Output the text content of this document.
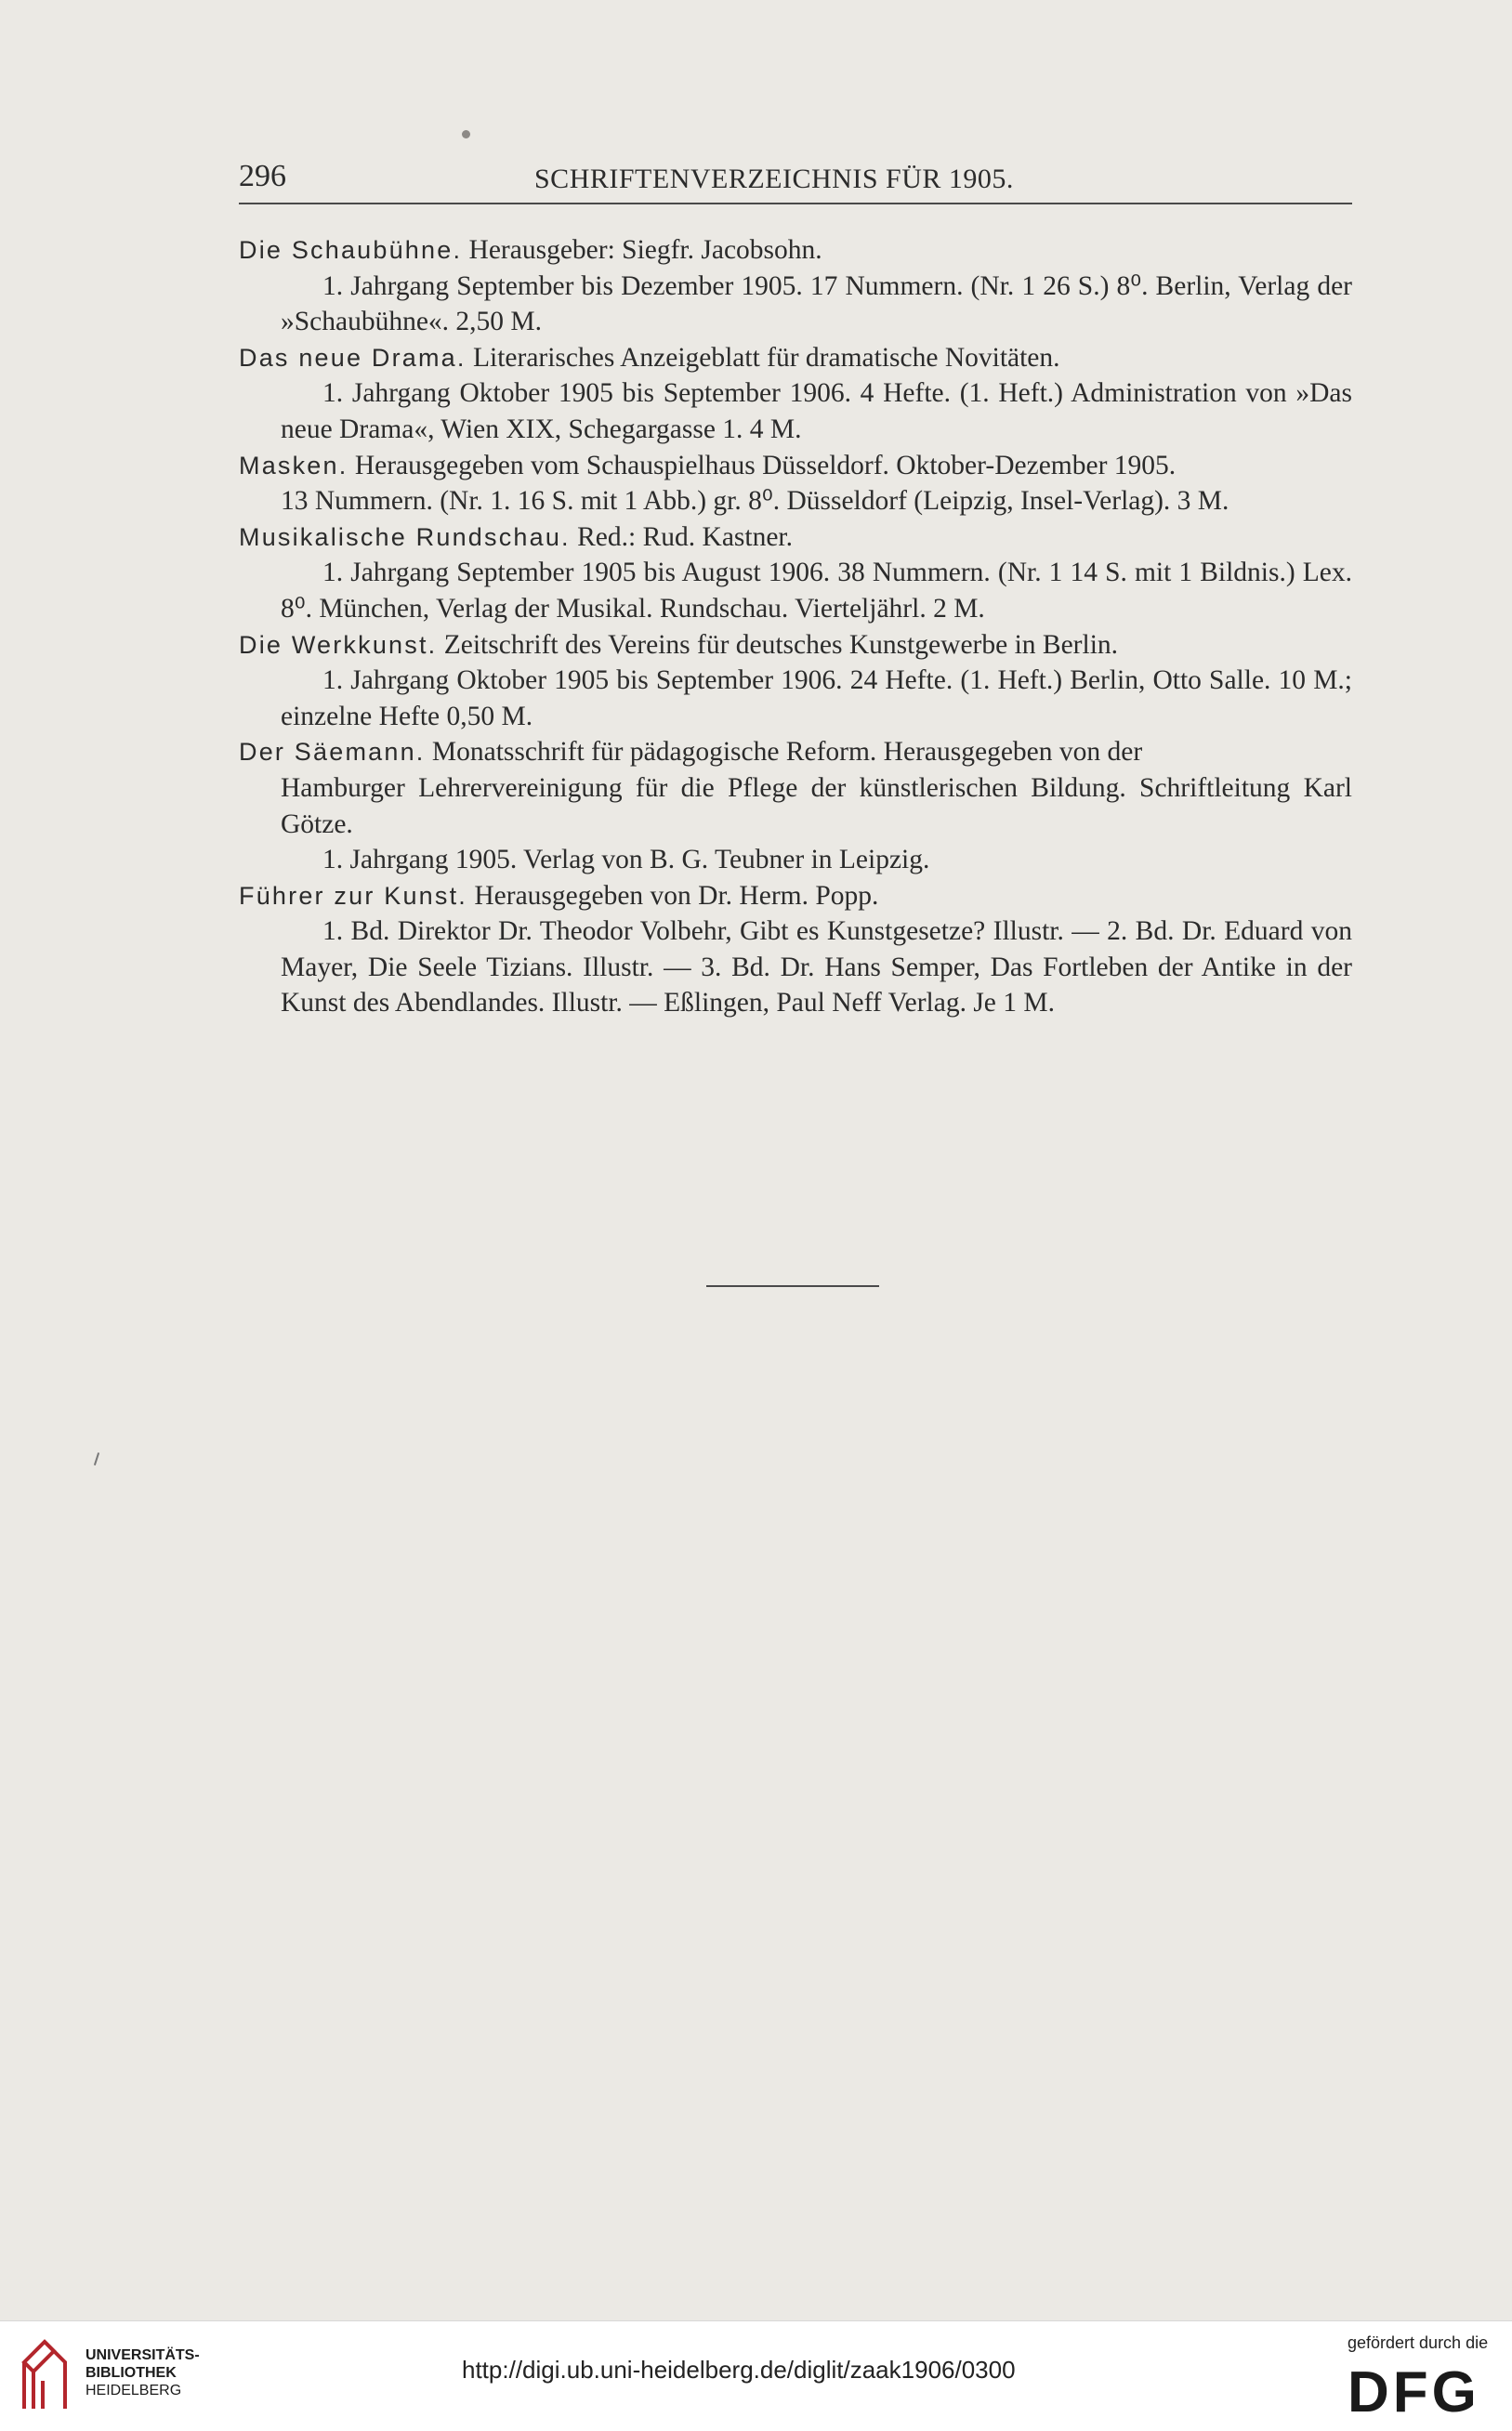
296	SCHRIFTENVERZEICHNIS FÜR 1905.

Die Schaubühne. Herausgeber: Siegfr. Jacobsohn.

1. Jahrgang September bis Dezember 1905. 17 Nummern. (Nr. 1 26 S.) 8⁰. Berlin, Verlag der »Schaubühne«. 2,50 M.

Das neue Drama. Literarisches Anzeigeblatt für dramatische Novitäten.

1. Jahrgang Oktober 1905 bis September 1906. 4 Hefte. (1. Heft.) Administration von »Das neue Drama«, Wien XIX, Schegargasse 1. 4 M.

Masken. Herausgegeben vom Schauspielhaus Düsseldorf. Oktober-Dezember 1905.

13 Nummern. (Nr. 1. 16 S. mit 1 Abb.) gr. 8⁰. Düsseldorf (Leipzig, Insel-Verlag). 3 M.

Musikalische Rundschau. Red.: Rud. Kastner.

1. Jahrgang September 1905 bis August 1906. 38 Nummern. (Nr. 1 14 S. mit 1 Bildnis.) Lex. 8⁰. München, Verlag der Musikal. Rundschau. Vierteljährl. 2 M.

Die Werkkunst. Zeitschrift des Vereins für deutsches Kunstgewerbe in Berlin.

1. Jahrgang Oktober 1905 bis September 1906. 24 Hefte. (1. Heft.) Berlin, Otto Salle. 10 M.; einzelne Hefte 0,50 M.

Der Säemann. Monatsschrift für pädagogische Reform. Herausgegeben von der

Hamburger Lehrervereinigung für die Pflege der künstlerischen Bildung. Schriftleitung Karl Götze.

1. Jahrgang 1905. Verlag von B. G. Teubner in Leipzig.

Führer zur Kunst. Herausgegeben von Dr. Herm. Popp.

1. Bd. Direktor Dr. Theodor Volbehr, Gibt es Kunstgesetze? Illustr. — 2. Bd. Dr. Eduard von Mayer, Die Seele Tizians. Illustr. — 3. Bd. Dr. Hans Semper, Das Fortleben der Antike in der Kunst des Abendlandes. Illustr. — Eßlingen, Paul Neff Verlag. Je 1 M.

UNIVERSITÄTS-
BIBLIOTHEK
HEIDELBERG
http://digi.ub.uni-heidelberg.de/diglit/zaak1906/0300
gefördert durch die
DFG
